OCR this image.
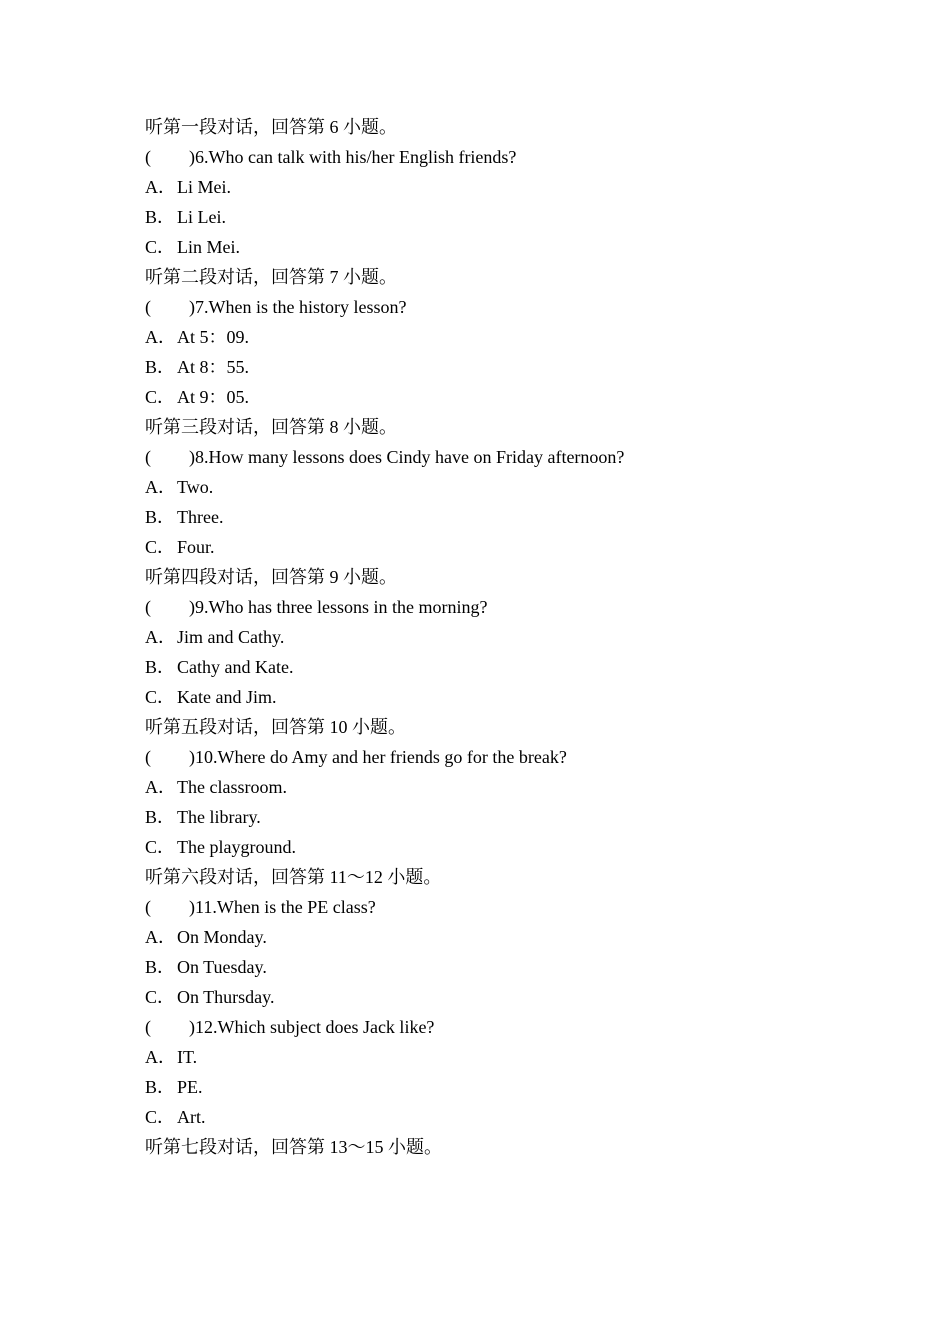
听第一段对话，回答第 6 小题。
( )6.Who can talk with his/her English friends?
A．Li Mei.
B． Li Lei.
C． Lin Mei.
听第二段对话，回答第 7 小题。
( )7.When is the history lesson?
A．At 5：09.
B． At 8：55.
C． At 9：05.
听第三段对话，回答第 8 小题。
( )8.How many lessons does Cindy have on Friday afternoon?
A．Two.
B． Three.
C． Four.
听第四段对话，回答第 9 小题。
( )9.Who has three lessons in the morning?
A．Jim and Cathy.
B． Cathy and Kate.
C． Kate and Jim.
听第五段对话，回答第 10 小题。
( )10.Where do Amy and her friends go for the break?
A．The classroom.
B． The library.
C． The playground.
听第六段对话，回答第 11～12 小题。
( )11.When is the PE class?
A．On Monday.
B． On Tuesday.
C． On Thursday.
( )12.Which subject does Jack like?
A．IT.
B． PE.
C． Art.
听第七段对话，回答第 13～15 小题。
